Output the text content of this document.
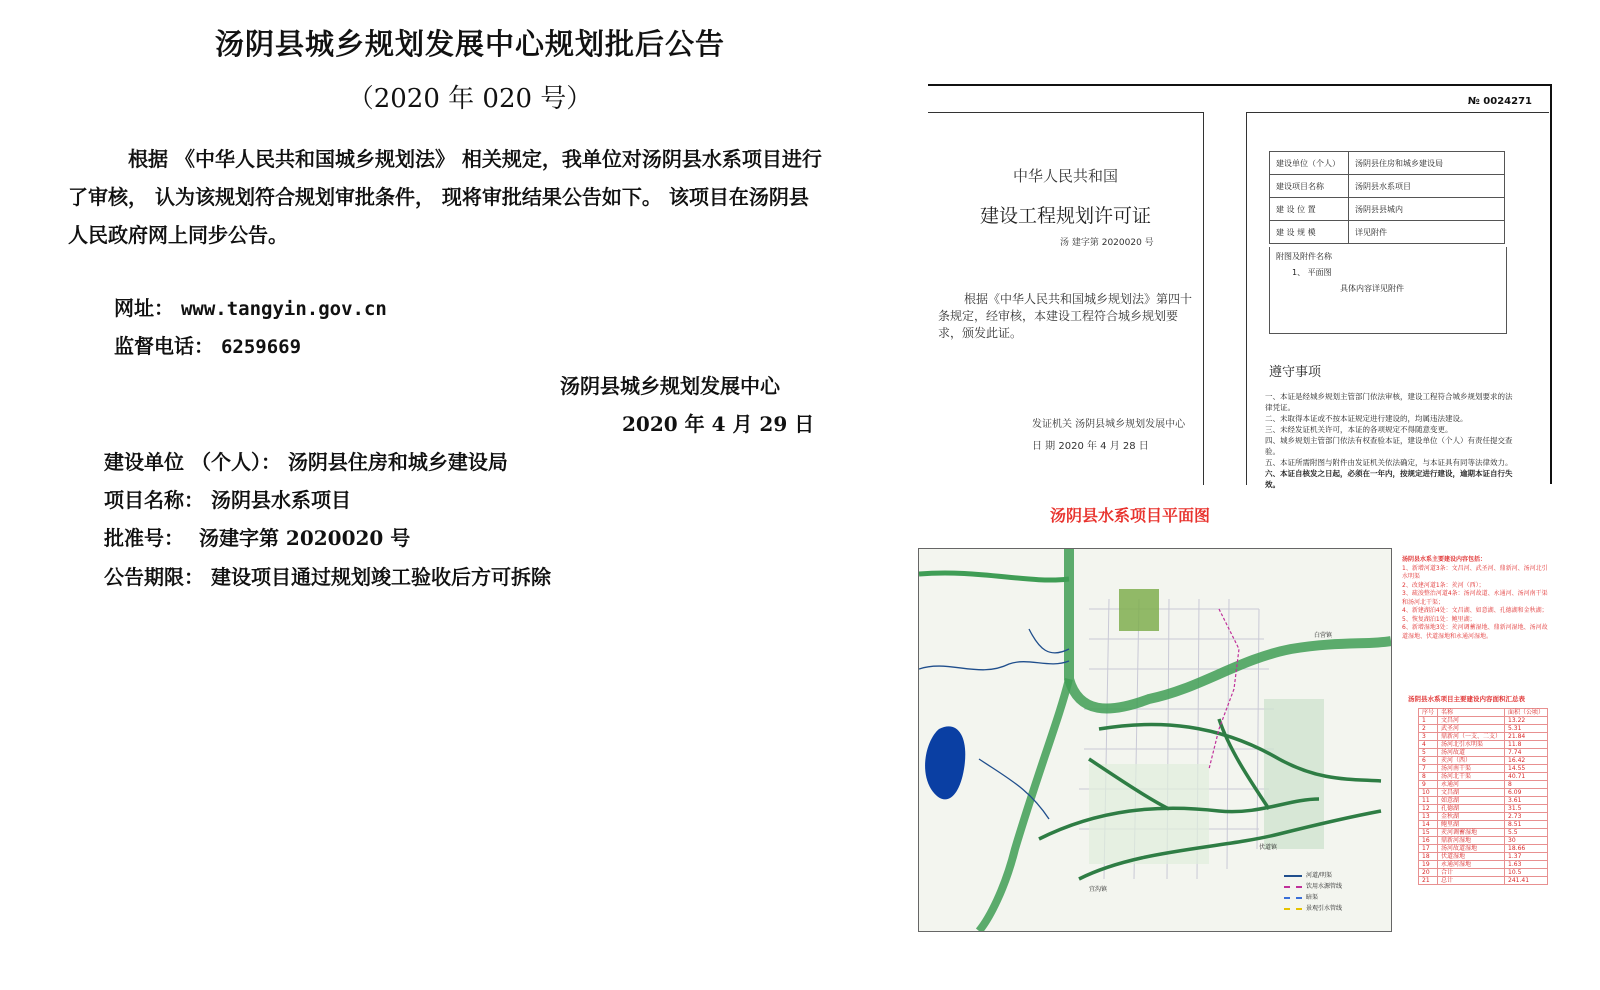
汤阴县城乡规划发展中心规划批后公告
（2020 年 020 号）
根据 《中华人民共和国城乡规划法》 相关规定，我单位对汤阴县水系项目进行了审核， 认为该规划符合规划审批条件， 现将审批结果公告如下。 该项目在汤阴县人民政府网上同步公告。
网址： www.tangyin.gov.cn
监督电话： 6259669
汤阴县城乡规划发展中心
2020 年 4 月 29 日
建设单位 （个人）： 汤阴县住房和城乡建设局
项目名称： 汤阴县水系项目
批准号： 汤建字第 2020020 号
公告期限： 建设项目通过规划竣工验收后方可拆除
№ 0024271
中华人民共和国
建设工程规划许可证
汤 建字第 2020020 号
根据《中华人民共和国城乡规划法》第四十条规定，经审核，本建设工程符合城乡规划要求，颁发此证。
发证机关 汤阴县城乡规划发展中心
日 期 2020 年 4 月 28 日
建设单位（个人）	汤阴县住房和城乡建设局
建设项目名称	汤阴县水系项目
建 设 位 置	汤阴县县城内
建 设 规 模	详见附件
附图及附件名称
1、 平面图
具体内容详见附件
遵守事项
一、本证是经城乡规划主管部门依法审核，建设工程符合城乡规划要求的法律凭证。
二、未取得本证或不按本证规定进行建设的，均属违法建设。
三、未经发证机关许可，本证的各项规定不得随意变更。
四、城乡规划主管部门依法有权查验本证，建设单位（个人）有责任提交查验。
五、本证所需附图与附件由发证机关依法确定，与本证具有同等法律效力。
六、本证自核发之日起，必须在一年内，按规定进行建设，逾期本证自行失效。
汤阴县水系项目平面图
白营镇
宜沟镇
伏道镇
河道/明渠
饮用水源管线
暗渠
景观引水管线
汤阴县水系主要建设内容包括：
1、新增河道3条：文昌河、武圣河、鼎新河、汤河北引水明渠
2、改建河道1条：羑河（西）；
3、疏浚整治河道4条：汤河故道、永通河、汤河南干渠和汤河北干渠；
4、新建湖泊4处：文昌湖、如意湖、孔德湖和金秋湖；
5、恢复湖泊1处：鲍里湖；
6、新增湿地3处：羑河调蓄湿地、鼎新河湿地、汤河故道湿地、伏道湿地和永通河湿地。
汤阴县水系项目主要建设内容面积汇总表
序号	名称	面积（公顷）
1	文昌河	13.22
2	武圣河	5.31
3	鼎新河（一支、二支）	21.84
4	汤河北引水明渠	11.8
5	汤河故道	7.74
6	羑河（西）	16.42
7	汤河南干渠	14.55
8	汤河北干渠	40.71
9	永通河	8
10	文昌湖	6.09
11	如意湖	3.61
12	孔德湖	31.5
13	金秋湖	2.73
14	鲍里湖	8.51
15	羑河调蓄湿地	5.5
16	鼎新河湿地	30
17	汤河故道湿地	18.66
18	伏道湿地	1.37
19	永通河湿地	1.63
20	合计	10.5
21	总计	241.41
